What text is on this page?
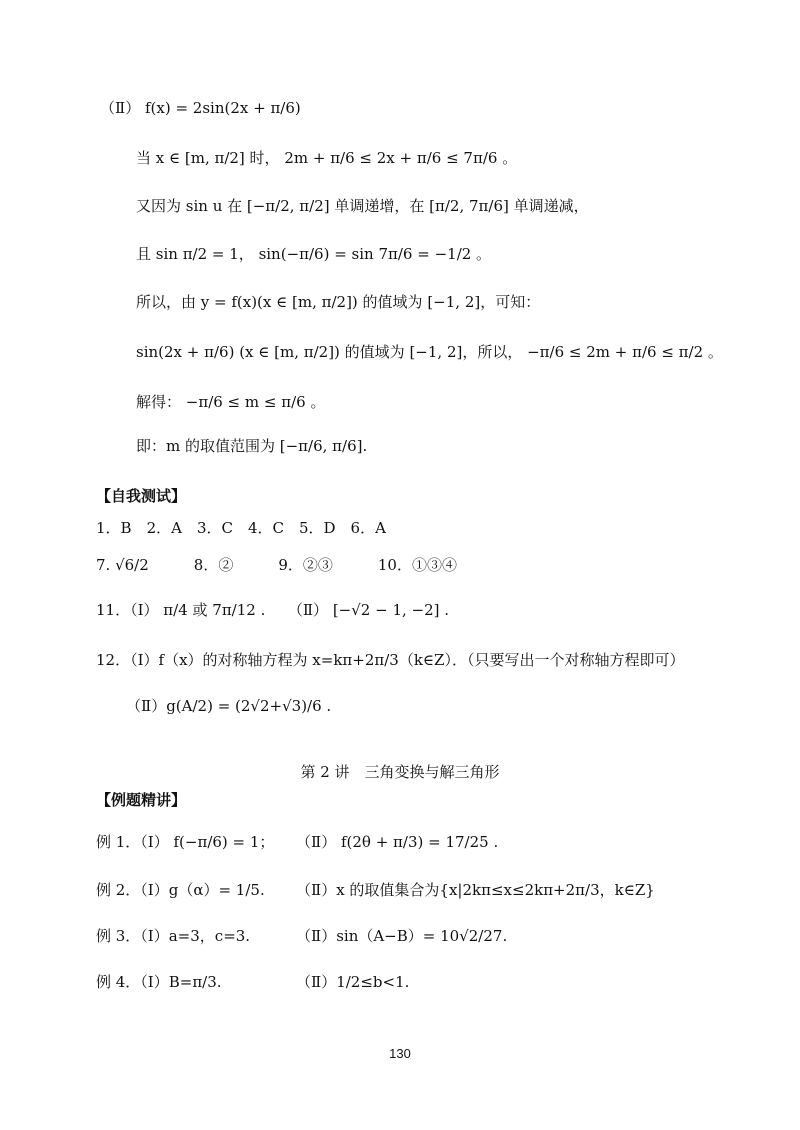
（Ⅱ） f(x) = 2sin(2x + π/6)
当 x ∈ [m, π/2] 时， 2m + π/6 ≤ 2x + π/6 ≤ 7π/6 。
又因为 sin u 在 [−π/2, π/2] 单调递增，在 [π/2, 7π/6] 单调递减，
且 sin π/2 = 1， sin(−π/6) = sin 7π/6 = −1/2 。
所以，由 y = f(x)(x ∈ [m, π/2]) 的值域为 [−1, 2]，可知：
sin(2x + π/6) (x ∈ [m, π/2]) 的值域为 [−1, 2]，所以， −π/6 ≤ 2m + π/6 ≤ π/2 。
解得： −π/6 ≤ m ≤ π/6 。
即：m 的取值范围为 [−π/6, π/6].
【自我测试】
1．B　2．A　3．C　4．C　5．D　6．A
7. √6/2　　　8．②　　　9．②③　　　10．①③④
11．（Ⅰ） π/4 或 7π/12 .　　（Ⅱ） [−√2 − 1, −2] .
12．（Ⅰ）f（x）的对称轴方程为 x=kπ+2π/3（k∈Z）．（只要写出一个对称轴方程即可）
（Ⅱ）g(A/2) = (2√2+√3)/6 .
第 2 讲　三角变换与解三角形
【例题精讲】
例 1．（Ⅰ） f(−π/6) = 1； （Ⅱ） f(2θ + π/3) = 17/25 .
例 2．（Ⅰ）g（α）= 1/5. （Ⅱ）x 的取值集合为{x|2kπ≤x≤2kπ+2π/3，k∈Z}
例 3．（Ⅰ）a=3，c=3.	（Ⅱ）sin（A−B）= 10√2/27.
例 4．（Ⅰ）B=π/3.	（Ⅱ）1/2≤b<1.
130
